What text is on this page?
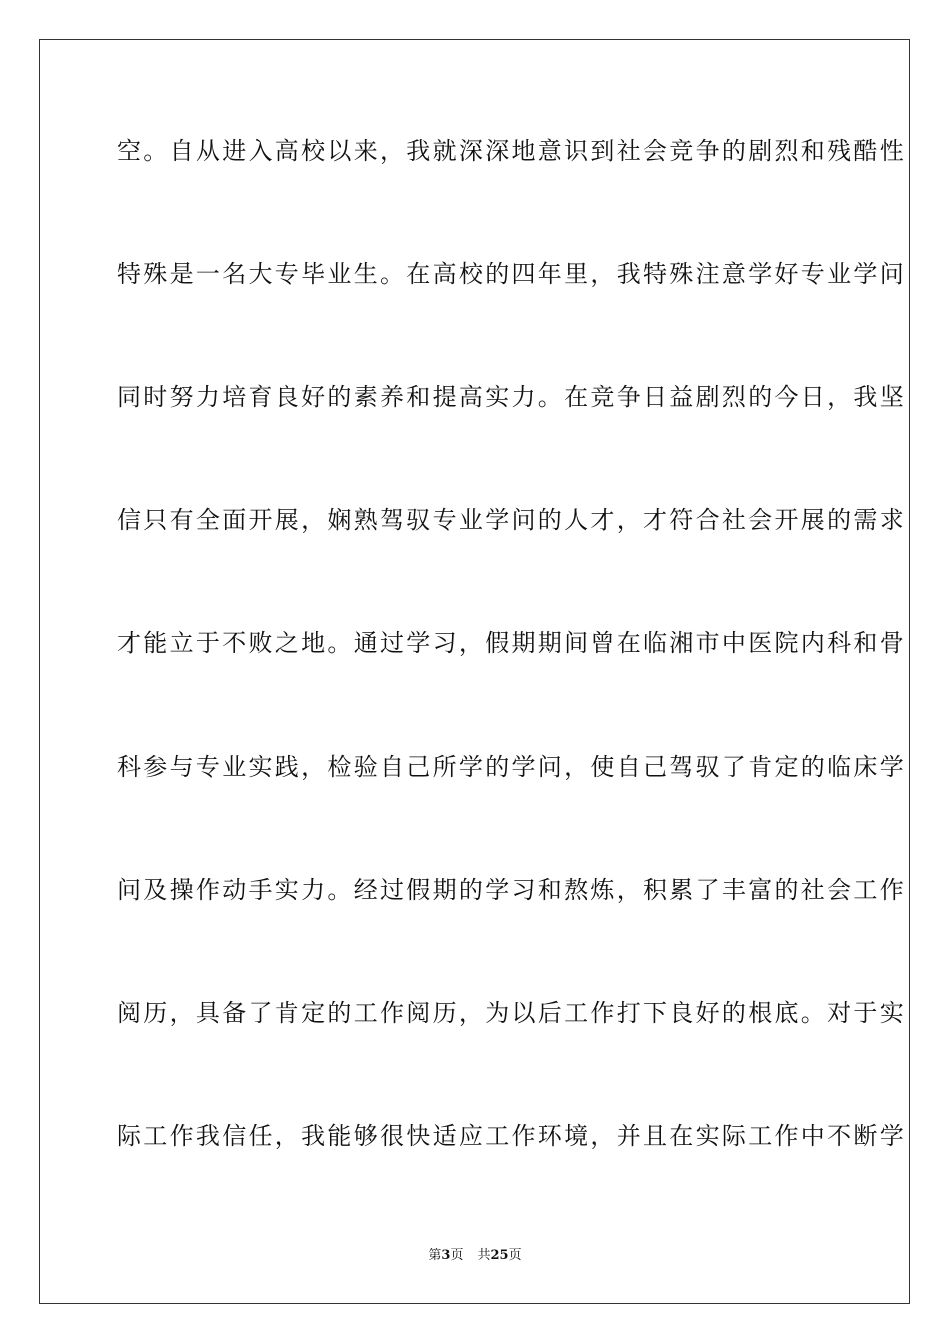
空。自从进入高校以来，我就深深地意识到社会竞争的剧烈和残酷性
特殊是一名大专毕业生。在高校的四年里，我特殊注意学好专业学问
同时努力培育良好的素养和提高实力。在竞争日益剧烈的今日，我坚
信只有全面开展，娴熟驾驭专业学问的人才，才符合社会开展的需求
才能立于不败之地。通过学习，假期期间曾在临湘市中医院内科和骨
科参与专业实践，检验自己所学的学问，使自己驾驭了肯定的临床学
问及操作动手实力。经过假期的学习和熬炼，积累了丰富的社会工作
阅历，具备了肯定的工作阅历，为以后工作打下良好的根底。对于实
际工作我信任，我能够很快适应工作环境，并且在实际工作中不断学
第3页 共25页
